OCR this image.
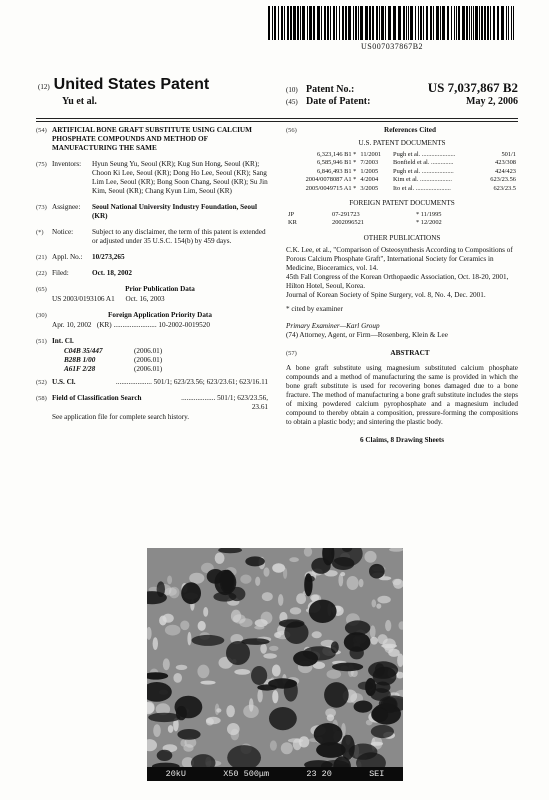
US007037867B2
(12) United States Patent
Yu et al.
(10) Patent No.:	US 7,037,867 B2
(45) Date of Patent:	May 2, 2006
(54) ARTIFICIAL BONE GRAFT SUBSTITUTE USING CALCIUM PHOSPHATE COMPOUNDS AND METHOD OF MANUFACTURING THE SAME
(75) Inventors:	Hyun Seung Yu, Seoul (KR); Kug Sun Hong, Seoul (KR); Choon Ki Lee, Seoul (KR); Dong Ho Lee, Seoul (KR); Sang Lim Lee, Seoul (KR); Bong Soon Chang, Seoul (KR); Su Jin Kim, Seoul (KR); Chang Kyun Lim, Seoul (KR)
(73) Assignee:	Seoul National University Industry Foundation, Seoul (KR)
(*)	Notice:	Subject to any disclaimer, the term of this patent is extended or adjusted under 35 U.S.C. 154(b) by 459 days.
(21) Appl. No.:	10/273,265
(22) Filed:	Oct. 18, 2002
(65)	Prior Publication Data
US 2003/0193106 A1      Oct. 16, 2003
(30)	Foreign Application Priority Data
Apr. 10, 2002   (KR) ........................ 10-2002-0019520
(51) Int. Cl.
C04B 35/447	(2006.01)
B28B 1/00	(2006.01)
A61F 2/28	(2006.01)
(52) U.S. Cl.	.................... 501/1; 623/23.56; 623/23.61; 623/16.11
(58) Field of Classification Search	................... 501/1; 623/23.56, 23.61
See application file for complete search history.
(56)	References Cited
U.S. PATENT DOCUMENTS
6,323,146 B1 *	11/2001	Pugh et al. .....................	501/1
6,585,946 B1 *	7/2003	Bonfield et al. ..............	423/308
6,846,493 B1 *	1/2005	Pugh et al. ....................	424/423
2004/0078087 A1 *	4/2004	Kim et al. ....................	623/23.56
2005/0049715 A1 *	3/2005	Ito et al. ......................	623/23.5
FOREIGN PATENT DOCUMENTS
JP	07-291723	* 11/1995
KR	2002096521	* 12/2002
OTHER PUBLICATIONS
C.K. Lee, et al., "Comparison of Osteosynthesis According to Compositions of Porous Calcium Phosphate Graft", International Society for Ceramics in Medicine, Bioceramics, vol. 14.
45th Fall Congress of the Korean Orthopaedic Association, Oct. 18-20, 2001, Hilton Hotel, Seoul, Korea.
Journal of Korean Society of Spine Surgery, vol. 8, No. 4, Dec. 2001.
* cited by examiner
Primary Examiner—Karl Group
(74) Attorney, Agent, or Firm—Rosenberg, Klein & Lee
(57)	ABSTRACT
A bone graft substitute using magnesium substituted calcium phosphate compounds and a method of manufacturing the same is provided in which the bone graft substitute is used for recovering bones damaged due to a bone fracture. The method of manufacturing a bone graft substitute includes the steps of mixing powdered calcium pyrophosphate and a magnesium included compound to thereby obtain a composition, pressure-forming the compositions to obtain a plastic body; and sintering the plastic body.
6 Claims, 8 Drawing Sheets
20kU	X50 500μm	23 20	SEI
